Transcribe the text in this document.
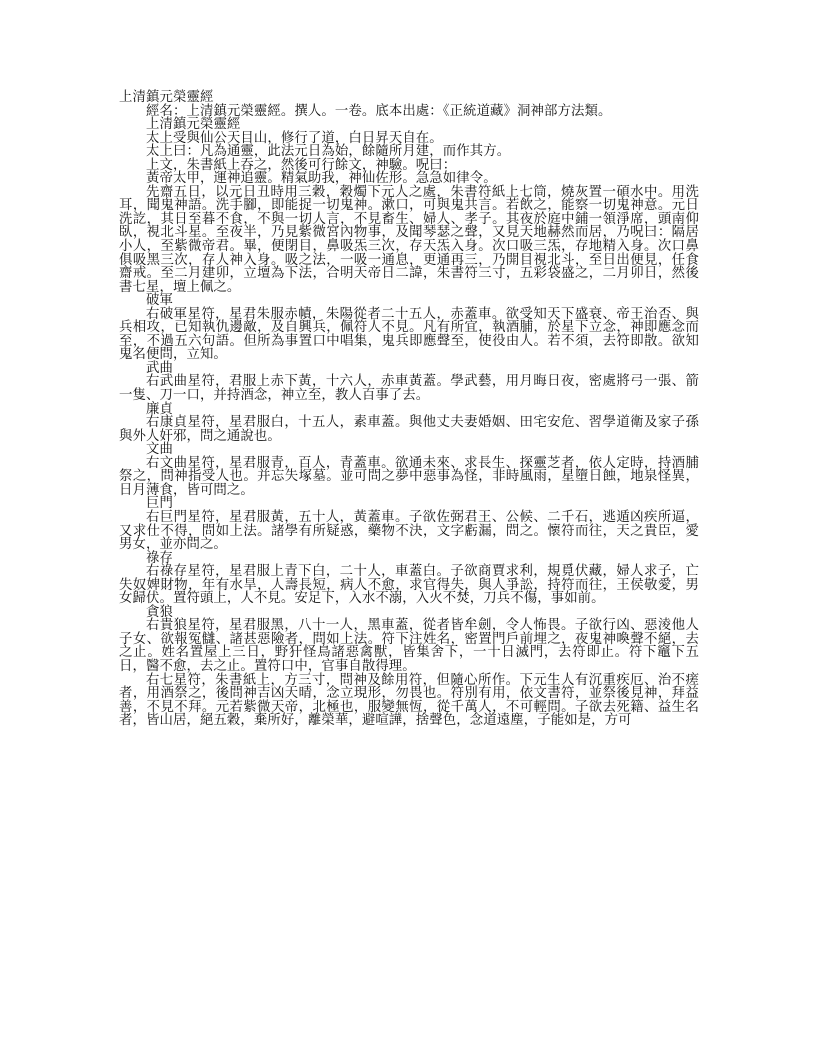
上清鎮元榮靈經

經名：上清鎮元榮靈經。撰人。一卷。底本出處：《正統道藏》洞神部方法類。

上清鎮元榮靈經

太上受與仙公天目山，修行了道，白日昇天自在。

太上曰：凡為通靈，此法元日為始，餘隨所月建，而作其方。

上文，朱書紙上吞之，然後可行餘文，神驗。呪曰：

黃帝太甲，運神追靈。精氣助我，神仙佐形。急急如律令。

先齋五日，以元日丑時用三穀，穀燭下元人之處，朱書符紙上七筒，燒灰置一碩水中。用洗耳，聞鬼神語。洗手腳，即能捉一切鬼神。漱口，可與鬼共言。若飲之，能察一切鬼神意。元日洗訖，其日至暮不食，不與一切人言，不見畜生、婦人、孝子。其夜於庭中鋪一領淨席，頭南仰臥，視北斗星。至夜半，乃見紫微宮內物事，及聞琴瑟之聲，又見天地赫然而居，乃呪曰：隔居小人，至紫微帝君。畢，便閉目，鼻吸炁三次，存天炁入身。次口吸三炁，存地精入身。次口鼻俱吸黑三次，存人神入身。吸之法，一吸一通息，更通再三，乃開目視北斗，至日出便見，任食齋戒。至二月建卯，立壇為下法，合明天帝日二諱，朱書符三寸，五彩袋盛之，二月卯日，然後書七星，壇上佩之。

破軍

右破軍星符，星君朱服赤幘，朱陽從者二十五人，赤蓋車。欲受知天下盛衰、帝王治否、與兵相攻，已知執仇邊敵，及自興兵，佩符人不見。凡有所宜，執酒脯，於星下立念，神即應念而至，不過五六句語。但所為事置口中唱集，鬼兵即應聲至，使役由人。若不須，去符即散。欲知鬼名便問，立知。

武曲

右武曲星符，君服上赤下黃，十六人，赤車黃蓋。學武藝，用月晦日夜，密處將弓一張、箭一隻、刀一口，并持酒念，神立至，教人百事了去。

廉貞

右康貞星符，星君服白，十五人，素車蓋。與他丈夫妻婚姻、田宅安危、習學道衛及家子孫與外人奸邪，問之通說也。

文曲

右文曲星符，星君服青，百人，青蓋車。欲通未來、求長生、探靈芝者，依人定時，持酒脯祭之，問神指受人也。并忘失塚墓。並可問之夢中惡事為怪，非時風雨，星墮日蝕，地泉怪異，日月薄食，皆可問之。

巨門

右巨門星符，星君服黃，五十人，黃蓋車。子欲佐弼君王、公候、二千石，逃遁凶疾所逼，又求仕不得，問如上法。諸學有所疑惑，藥物不決，文字虧漏，問之。懷符而往，天之貴臣，愛男女，並亦問之。

祿存

右祿存星符，星君服上青下白，二十人，車蓋白。子欲商賈求利，規覓伏藏，婦人求子，亡失奴婢財物，年有水旱，人壽長短，病人不愈，求官得失，與人爭訟，持符而往，王侯敬愛，男女歸伏。置符頭上，人不見。安足下，入水不溺，入火不焚，刀兵不傷，事如前。

貪狼

右貴狼星符，星君服黑，八十一人，黑車蓋，從者皆牟劍，令人怖畏。子欲行凶、惡淩他人子女、欲報冤讎、諸甚惡險者，問如上法。符下注姓名，密置門戶前埋之，夜鬼神喚聲不絕，去之止。姓名置屋上三日，野犴怪鳥諸惡禽獸，皆集舍下，一十日滅門，去符即止。符下竈下五日，醫不愈，去之止。置符口中，官事自散得理。

右七星符，朱書紙上，方三寸，問神及餘用符，但隨心所作。下元生人有沉重疾厄、治不瘥者，用酒祭之，後問神吉凶天晴，念立現形，勿畏也。符別有用，依文書符，並祭後見神，拜益善，不見不拜。元若紫微天帝，北極也，服變無恆，從千萬人，不可輕問。子欲去死籍、益生名者，皆山居，絕五穀，棄所好，離榮華，避喧譁，捨聲色，念道遠塵，子能如是，方可
